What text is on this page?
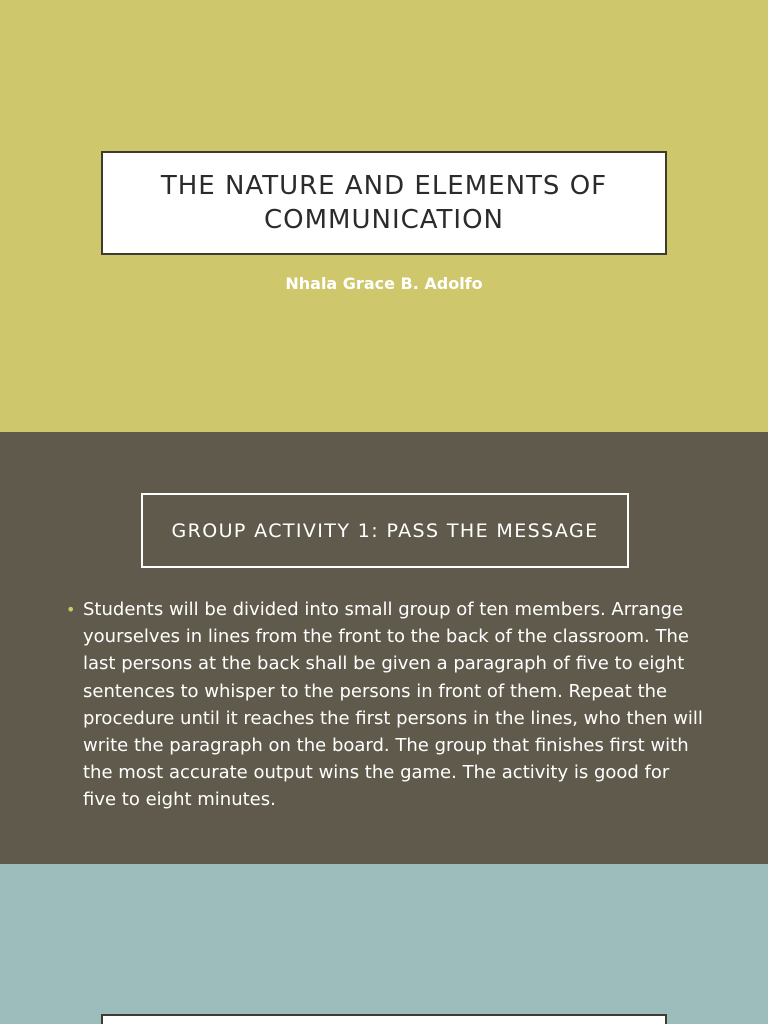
THE NATURE AND ELEMENTS OF COMMUNICATION
Nhala Grace B. Adolfo
GROUP ACTIVITY 1: PASS THE MESSAGE
• Students will be divided into small group of ten members. Arrange yourselves in lines from the front to the back of the classroom. The last persons at the back shall be given a paragraph of five to eight sentences to whisper to the persons in front of them. Repeat the procedure until it reaches the first persons in the lines, who then will write the paragraph on the board. The group that finishes first with the most accurate output wins the game. The activity is good for five to eight minutes.
